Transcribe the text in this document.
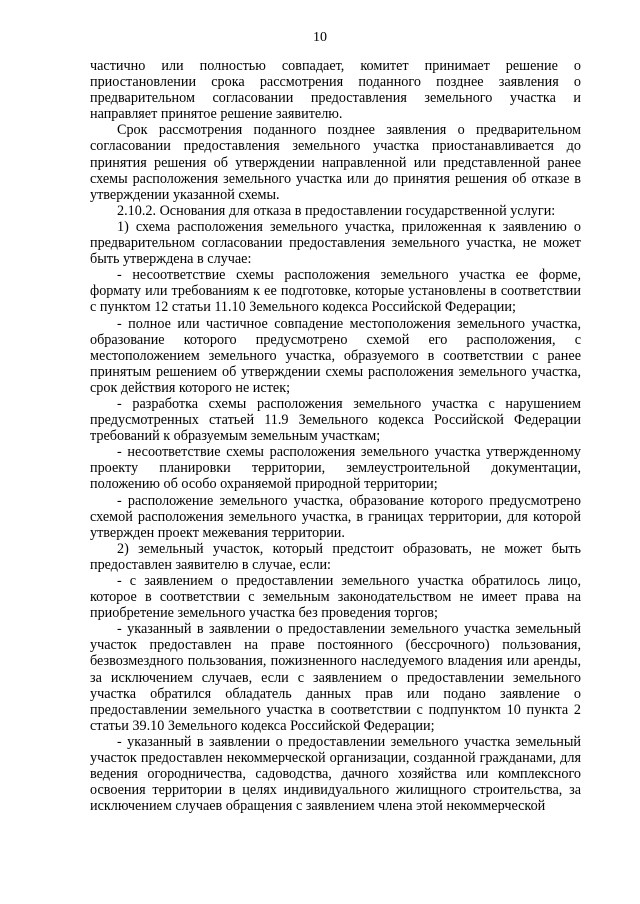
10

частично или полностью совпадает, комитет принимает решение о приостановлении срока рассмотрения поданного позднее заявления о предварительном согласовании предоставления земельного участка и направляет принятое решение заявителю.

Срок рассмотрения поданного позднее заявления о предварительном согласовании предоставления земельного участка приостанавливается до принятия решения об утверждении направленной или представленной ранее схемы расположения земельного участка или до принятия решения об отказе в утверждении указанной схемы.

2.10.2. Основания для отказа в предоставлении государственной услуги:

1) схема расположения земельного участка, приложенная к заявлению о предварительном согласовании предоставления земельного участка, не может быть утверждена в случае:

- несоответствие схемы расположения земельного участка ее форме, формату или требованиям к ее подготовке, которые установлены в соответствии с пунктом 12 статьи 11.10 Земельного кодекса Российской Федерации;

- полное или частичное совпадение местоположения земельного участка, образование которого предусмотрено схемой его расположения, с местоположением земельного участка, образуемого в соответствии с ранее принятым решением об утверждении схемы расположения земельного участка, срок действия которого не истек;

- разработка схемы расположения земельного участка с нарушением предусмотренных статьей 11.9 Земельного кодекса Российской Федерации требований к образуемым земельным участкам;

- несоответствие схемы расположения земельного участка утвержденному проекту планировки территории, землеустроительной документации, положению об особо охраняемой природной территории;

- расположение земельного участка, образование которого предусмотрено схемой расположения земельного участка, в границах территории, для которой утвержден проект межевания территории.

2) земельный участок, который предстоит образовать, не может быть предоставлен заявителю в случае, если:

- с заявлением о предоставлении земельного участка обратилось лицо, которое в соответствии с земельным законодательством не имеет права на приобретение земельного участка без проведения торгов;

- указанный в заявлении о предоставлении земельного участка земельный участок предоставлен на праве постоянного (бессрочного) пользования, безвозмездного пользования, пожизненного наследуемого владения или аренды, за исключением случаев, если с заявлением о предоставлении земельного участка обратился обладатель данных прав или подано заявление о предоставлении земельного участка в соответствии с подпунктом 10 пункта 2 статьи 39.10 Земельного кодекса Российской Федерации;

- указанный в заявлении о предоставлении земельного участка земельный участок предоставлен некоммерческой организации, созданной гражданами, для ведения огородничества, садоводства, дачного хозяйства или комплексного освоения территории в целях индивидуального жилищного строительства, за исключением случаев обращения с заявлением члена этой некоммерческой
